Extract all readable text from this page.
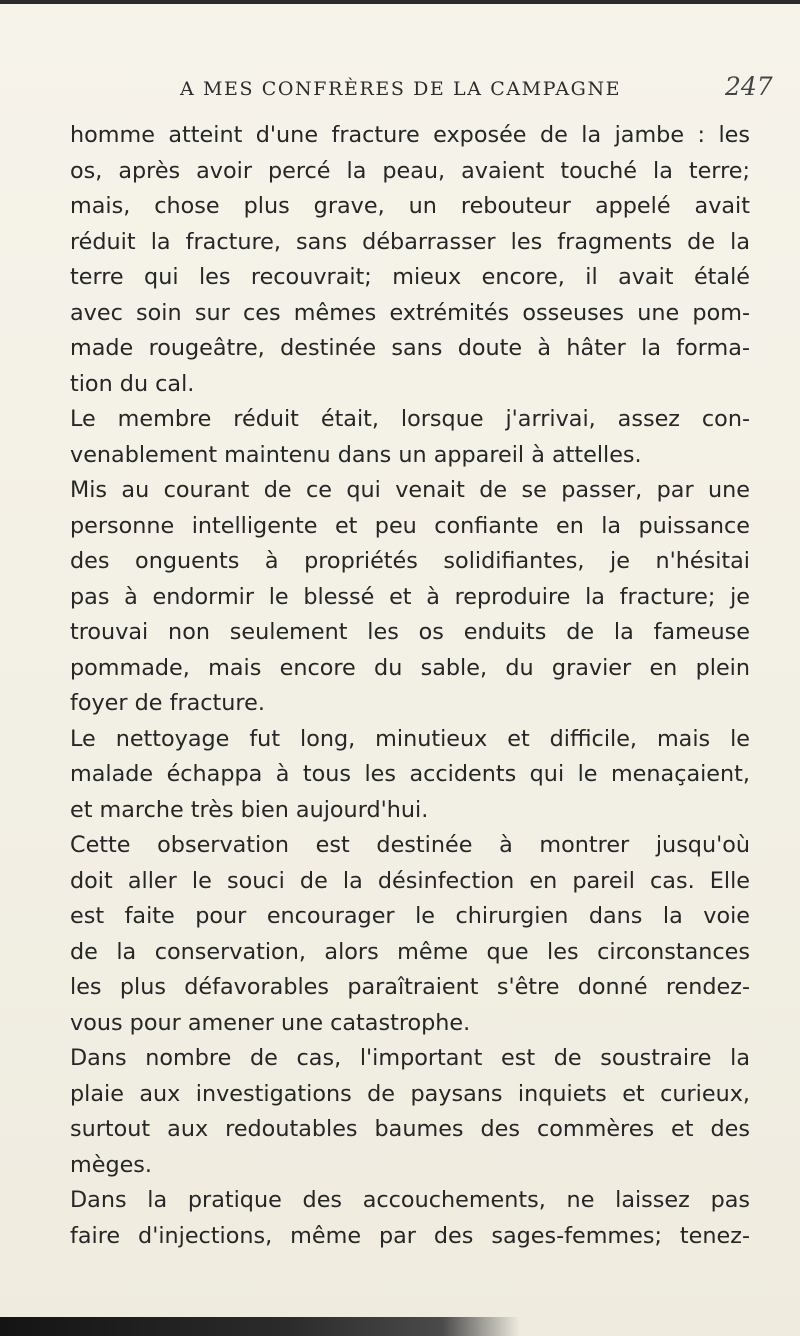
A MES CONFRÈRES DE LA CAMPAGNE	247
homme atteint d'une fracture exposée de la jambe : les
os, après avoir percé la peau, avaient touché la terre;
mais, chose plus grave, un rebouteur appelé avait
réduit la fracture, sans débarrasser les fragments de la
terre qui les recouvrait; mieux encore, il avait étalé
avec soin sur ces mêmes extrémités osseuses une pom-
made rougeâtre, destinée sans doute à hâter la forma-
tion du cal.
Le membre réduit était, lorsque j'arrivai, assez con-
venablement maintenu dans un appareil à attelles.
Mis au courant de ce qui venait de se passer, par une
personne intelligente et peu confiante en la puissance
des onguents à propriétés solidifiantes, je n'hésitai
pas à endormir le blessé et à reproduire la fracture; je
trouvai non seulement les os enduits de la fameuse
pommade, mais encore du sable, du gravier en plein
foyer de fracture.
Le nettoyage fut long, minutieux et difficile, mais le
malade échappa à tous les accidents qui le menaçaient,
et marche très bien aujourd'hui.
Cette observation est destinée à montrer jusqu'où
doit aller le souci de la désinfection en pareil cas. Elle
est faite pour encourager le chirurgien dans la voie
de la conservation, alors même que les circonstances
les plus défavorables paraîtraient s'être donné rendez-
vous pour amener une catastrophe.
Dans nombre de cas, l'important est de soustraire la
plaie aux investigations de paysans inquiets et curieux,
surtout aux redoutables baumes des commères et des
mèges.
Dans la pratique des accouchements, ne laissez pas
faire d'injections, même par des sages-femmes; tenez-
